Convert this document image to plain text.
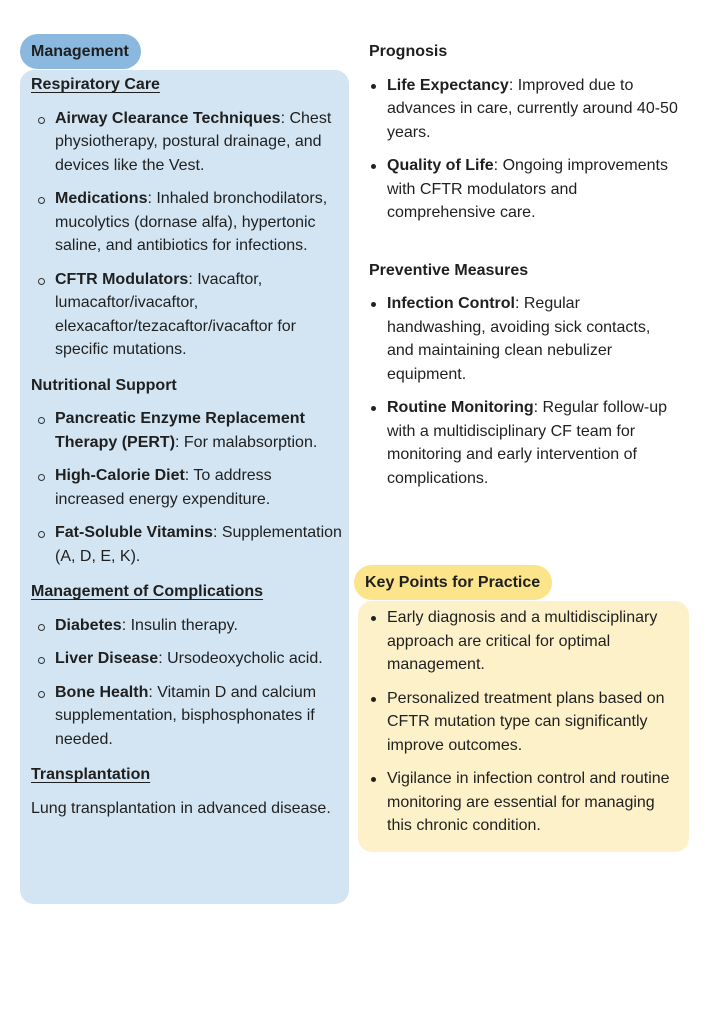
Management
Respiratory Care
Airway Clearance Techniques: Chest physiotherapy, postural drainage, and devices like the Vest.
Medications: Inhaled bronchodilators, mucolytics (dornase alfa), hypertonic saline, and antibiotics for infections.
CFTR Modulators: Ivacaftor, lumacaftor/ivacaftor, elexacaftor/tezacaftor/ivacaftor for specific mutations.
Nutritional Support
Pancreatic Enzyme Replacement Therapy (PERT): For malabsorption.
High-Calorie Diet: To address increased energy expenditure.
Fat-Soluble Vitamins: Supplementation (A, D, E, K).
Management of Complications
Diabetes: Insulin therapy.
Liver Disease: Ursodeoxycholic acid.
Bone Health: Vitamin D and calcium supplementation, bisphosphonates if needed.
Transplantation

Lung transplantation in advanced disease.

Prognosis
Life Expectancy: Improved due to advances in care, currently around 40-50 years.
Quality of Life: Ongoing improvements with CFTR modulators and comprehensive care.
Preventive Measures
Infection Control: Regular handwashing, avoiding sick contacts, and maintaining clean nebulizer equipment.
Routine Monitoring: Regular follow-up with a multidisciplinary CF team for monitoring and early intervention of complications.
Key Points for Practice
Early diagnosis and a multidisciplinary approach are critical for optimal management.
Personalized treatment plans based on CFTR mutation type can significantly improve outcomes.
Vigilance in infection control and routine monitoring are essential for managing this chronic condition.
